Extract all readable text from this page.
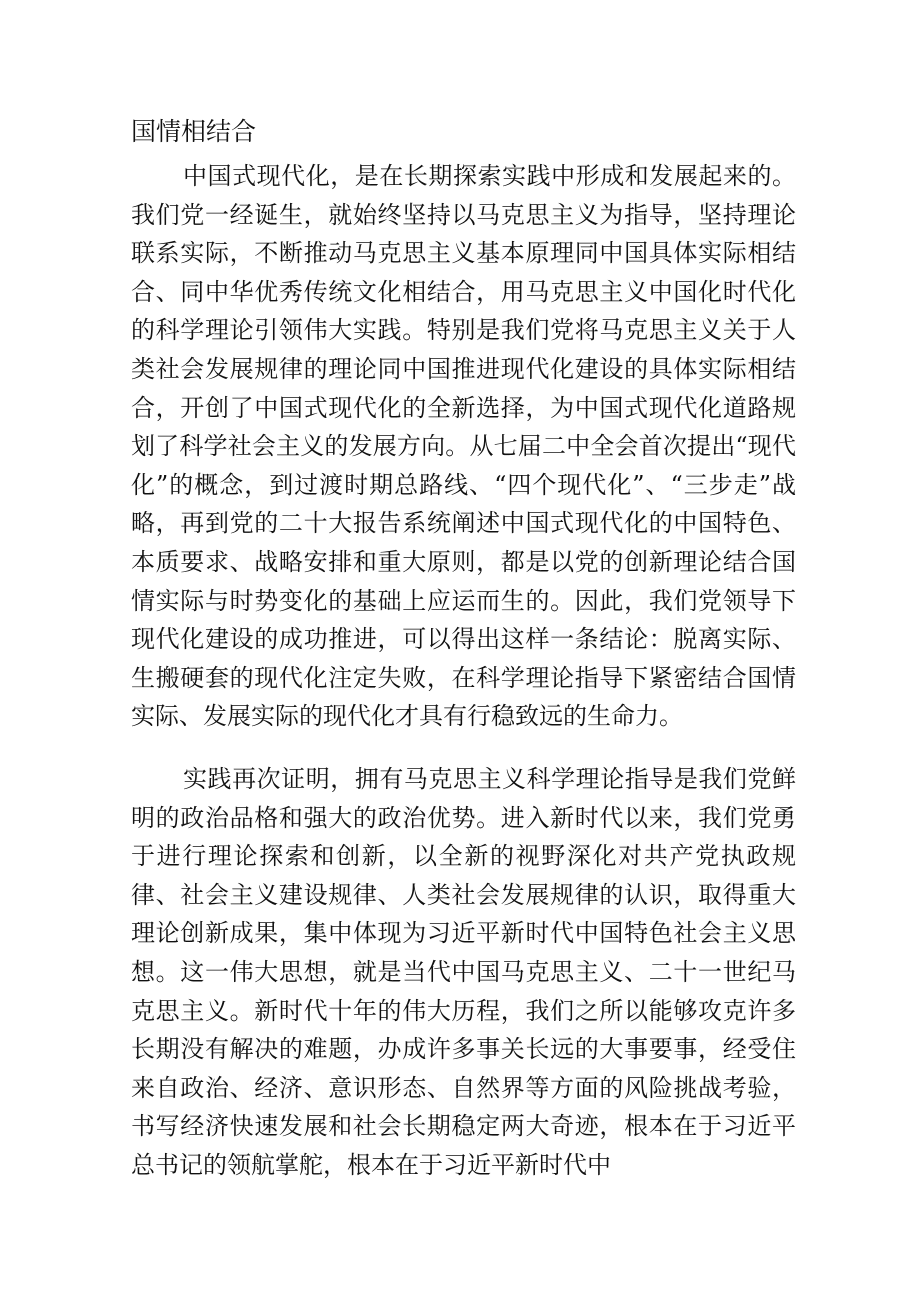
国情相结合

中国式现代化，是在长期探索实践中形成和发展起来的。我们党一经诞生，就始终坚持以马克思主义为指导，坚持理论联系实际，不断推动马克思主义基本原理同中国具体实际相结合、同中华优秀传统文化相结合，用马克思主义中国化时代化的科学理论引领伟大实践。特别是我们党将马克思主义关于人类社会发展规律的理论同中国推进现代化建设的具体实际相结合，开创了中国式现代化的全新选择，为中国式现代化道路规划了科学社会主义的发展方向。从七届二中全会首次提出“现代化”的概念，到过渡时期总路线、“四个现代化”、“三步走”战略，再到党的二十大报告系统阐述中国式现代化的中国特色、本质要求、战略安排和重大原则，都是以党的创新理论结合国情实际与时势变化的基础上应运而生的。因此，我们党领导下现代化建设的成功推进，可以得出这样一条结论：脱离实际、生搬硬套的现代化注定失败，在科学理论指导下紧密结合国情实际、发展实际的现代化才具有行稳致远的生命力。

实践再次证明，拥有马克思主义科学理论指导是我们党鲜明的政治品格和强大的政治优势。进入新时代以来，我们党勇于进行理论探索和创新，以全新的视野深化对共产党执政规律、社会主义建设规律、人类社会发展规律的认识，取得重大理论创新成果，集中体现为习近平新时代中国特色社会主义思想。这一伟大思想，就是当代中国马克思主义、二十一世纪马克思主义。新时代十年的伟大历程，我们之所以能够攻克许多长期没有解决的难题，办成许多事关长远的大事要事，经受住来自政治、经济、意识形态、自然界等方面的风险挑战考验，书写经济快速发展和社会长期稳定两大奇迹，根本在于习近平总书记的领航掌舵，根本在于习近平新时代中
